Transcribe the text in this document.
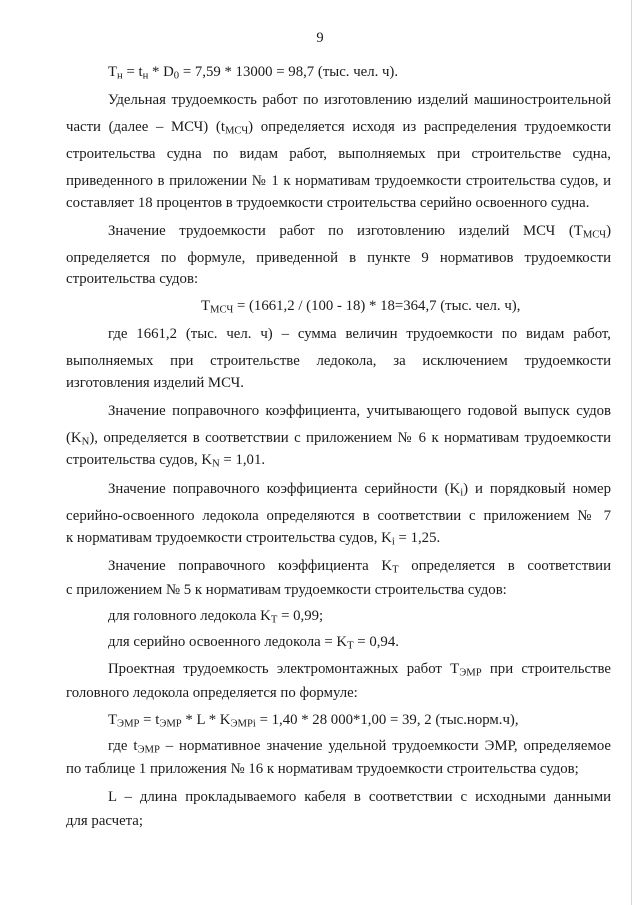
9
$T_н = t_н * D_0 = 7,59 * 13000 = 98,7$ (тыс. чел. ч).
Удельная трудоемкость работ по изготовлению изделий машиностроительной
части (далее – МСЧ) $(t_{МСЧ})$ определяется исходя из распределения трудоемкости
строительства судна по видам работ, выполняемых при строительстве судна,
приведенного в приложении № 1 к нормативам трудоемкости строительства судов, и
составляет 18 процентов в трудоемкости строительства серийно освоенного судна.
Значение трудоемкости работ по изготовлению изделий МСЧ $(Т_{МСЧ})$
определяется по формуле, приведенной в пункте 9 нормативов трудоемкости
строительства судов:
$Т_{МСЧ} = (1661,2 / (100 - 18) * 18=364,7$ (тыс. чел. ч),
где 1661,2 (тыс. чел. ч) – сумма величин трудоемкости по видам работ,
выполняемых при строительстве ледокола, за исключением трудоемкости
изготовления изделий МСЧ.
Значение поправочного коэффициента, учитывающего годовой выпуск судов
$(K_N)$, определяется в соответствии с приложением № 6 к нормативам трудоемкости
строительства судов, $K_N = 1,01$.
Значение поправочного коэффициента серийности $(K_i)$ и порядковый номер
серийно-освоенного ледокола определяются в соответствии с приложением № 7
к нормативам трудоемкости строительства судов, $K_i = 1,25$.
Значение поправочного коэффициента $K_T$ определяется в соответствии
с приложением № 5 к нормативам трудоемкости строительства судов:
для головного ледокола $K_T = 0,99$;
для серийно освоенного ледокола = $K_T = 0,94$.
Проектная трудоемкость электромонтажных работ $T_{ЭМР}$ при строительстве
головного ледокола определяется по формуле:
$T_{ЭМР} = t_{ЭМР} * L * K_{ЭМРi} = 1,40 * 28$ 000*1,00 = 39, 2 (тыс.норм.ч),
где $t_{ЭМР}$ – нормативное значение удельной трудоемкости ЭМР, определяемое
по таблице 1 приложения № 16 к нормативам трудоемкости строительства судов;
L – длина прокладываемого кабеля в соответствии с исходными данными
для расчета;
